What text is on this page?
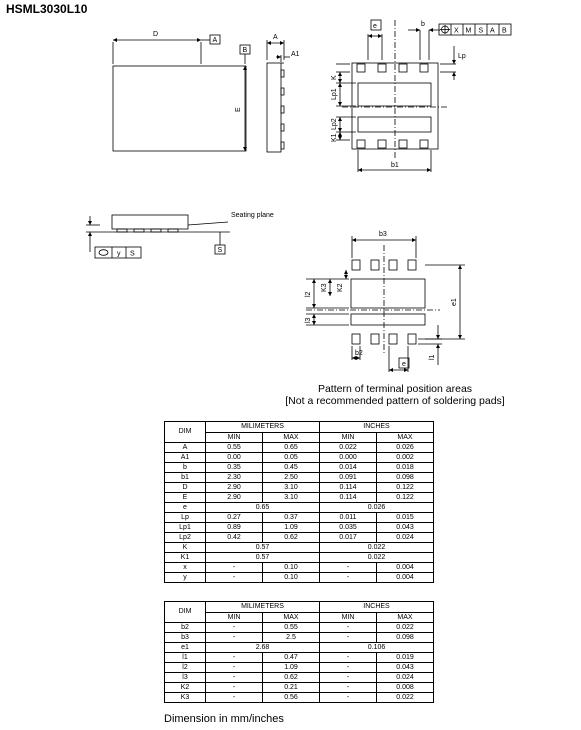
HSML3030L10
D
A
B
E
A
A1
e	b
X M S A B
Lp
K
Lp1
Lp2
K1
b1
Seating plane
S
y S
b3
e1
l2
l3
K3 K2
b2
e
l1
Pattern of terminal position areas
[Not a recommended pattern of soldering pads]
DIM	MILIMETERS		INCHES	
	MIN	MAX	MIN	MAX
A	0.55	0.65	0.022	0.026
A1	0.00	0.05	0.000	0.002
b	0.35	0.45	0.014	0.018
b1	2.30	2.50	0.091	0.098
D	2.90	3.10	0.114	0.122
E	2.90	3.10	0.114	0.122
e	0.65		0.026	
Lp	0.27	0.37	0.011	0.015
Lp1	0.89	1.09	0.035	0.043
Lp2	0.42	0.62	0.017	0.024
K	0.57		0.022	
K1	0.57		0.022	
x	-	0.10	-	0.004
y	-	0.10	-	0.004
DIM	MILIMETERS		INCHES	
	MIN	MAX	MIN	MAX
b2	-	0.55	-	0.022
b3	-	2.5	-	0.098
e1	2.68		0.106	
l1	-	0.47	-	0.019
l2	-	1.09	-	0.043
l3	-	0.62	-	0.024
K2	-	0.21	-	0.008
K3	-	0.56	-	0.022
Dimension in mm/inches
